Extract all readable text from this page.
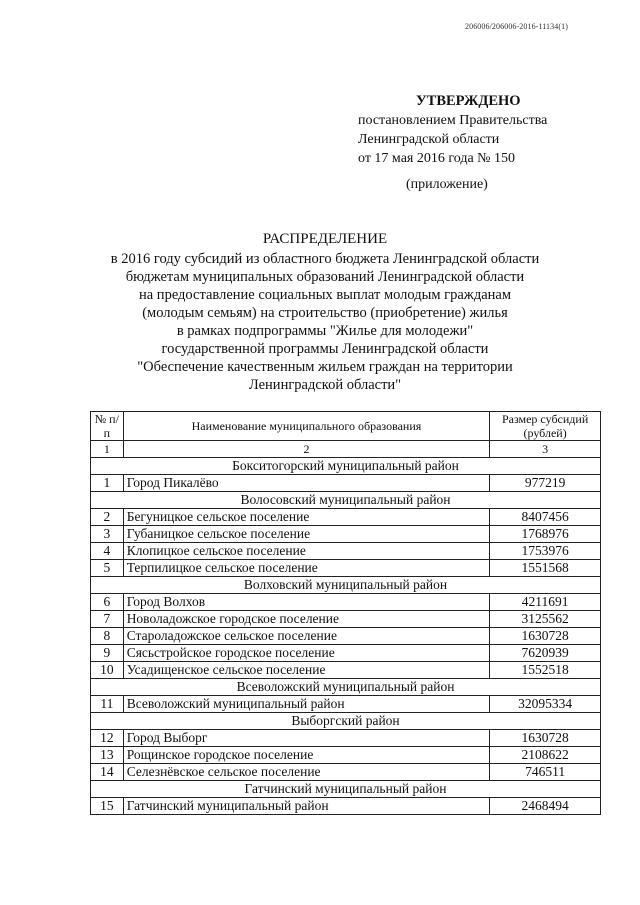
206006/206006-2016-11134(1)
УТВЕРЖДЕНО
постановлением Правительства
Ленинградской области
от 17 мая 2016 года № 150
(приложение)
РАСПРЕДЕЛЕНИЕ
в 2016 году субсидий из областного бюджета Ленинградской области
бюджетам муниципальных образований Ленинградской области
на предоставление социальных выплат молодым гражданам
(молодым семьям) на строительство (приобретение) жилья
в рамках подпрограммы "Жилье для молодежи"
государственной программы Ленинградской области
"Обеспечение качественным жильем граждан на территории
Ленинградской области"
№ п/п	Наименование муниципального образования	Размер субсидий (рублей)
1	2	3
Бокситогорский муниципальный район		
1	Город Пикалёво	977219
Волосовский муниципальный район		
2	Бегуницкое сельское поселение	8407456
3	Губаницкое сельское поселение	1768976
4	Клопицкое сельское поселение	1753976
5	Терпилицкое сельское поселение	1551568
Волховский муниципальный район		
6	Город Волхов	4211691
7	Новоладожское городское поселение	3125562
8	Староладожское сельское поселение	1630728
9	Сясьстройское городское поселение	7620939
10	Усадищенское сельское поселение	1552518
Всеволожский муниципальный район		
11	Всеволожский муниципальный район	32095334
Выборгский район		
12	Город Выборг	1630728
13	Рощинское городское поселение	2108622
14	Селезнёвское сельское поселение	746511
Гатчинский муниципальный район		
15	Гатчинский муниципальный район	2468494
